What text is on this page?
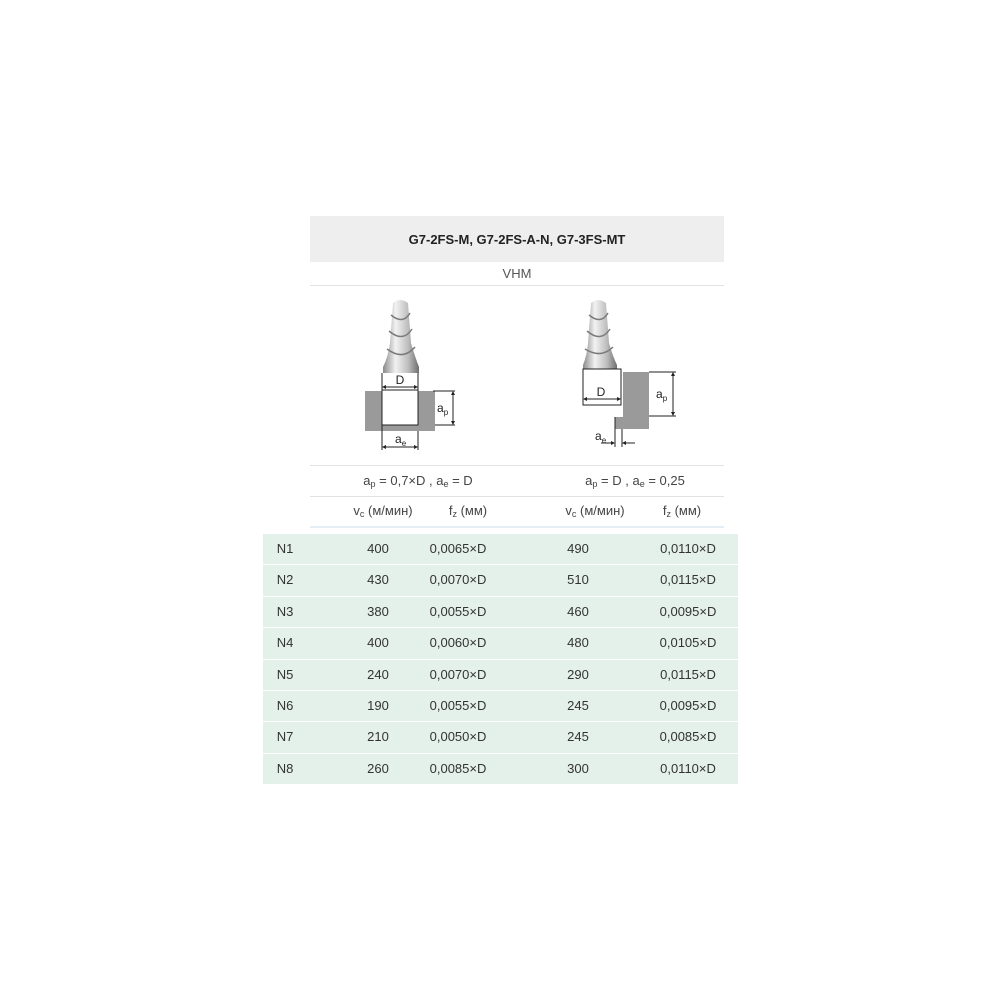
G7-2FS-M, G7-2FS-A-N, G7-3FS-MT
VHM
D
$a_p$
$a_e$
D	$a_p$
$a_e$
$a_p = 0,7\times D$ , $a_e = D$	$a_p = D$ , $a_e = 0,25$
$v_c$ (м/мин)	$f_z$ (мм)	$v_c$ (м/мин)	$f_z$ (мм)
N1	400	0,0065×D	490	0,0110×D
N2	430	0,0070×D	510	0,0115×D
N3	380	0,0055×D	460	0,0095×D
N4	400	0,0060×D	480	0,0105×D
N5	240	0,0070×D	290	0,0115×D
N6	190	0,0055×D	245	0,0095×D
N7	210	0,0050×D	245	0,0085×D
N8	260	0,0085×D	300	0,0110×D
